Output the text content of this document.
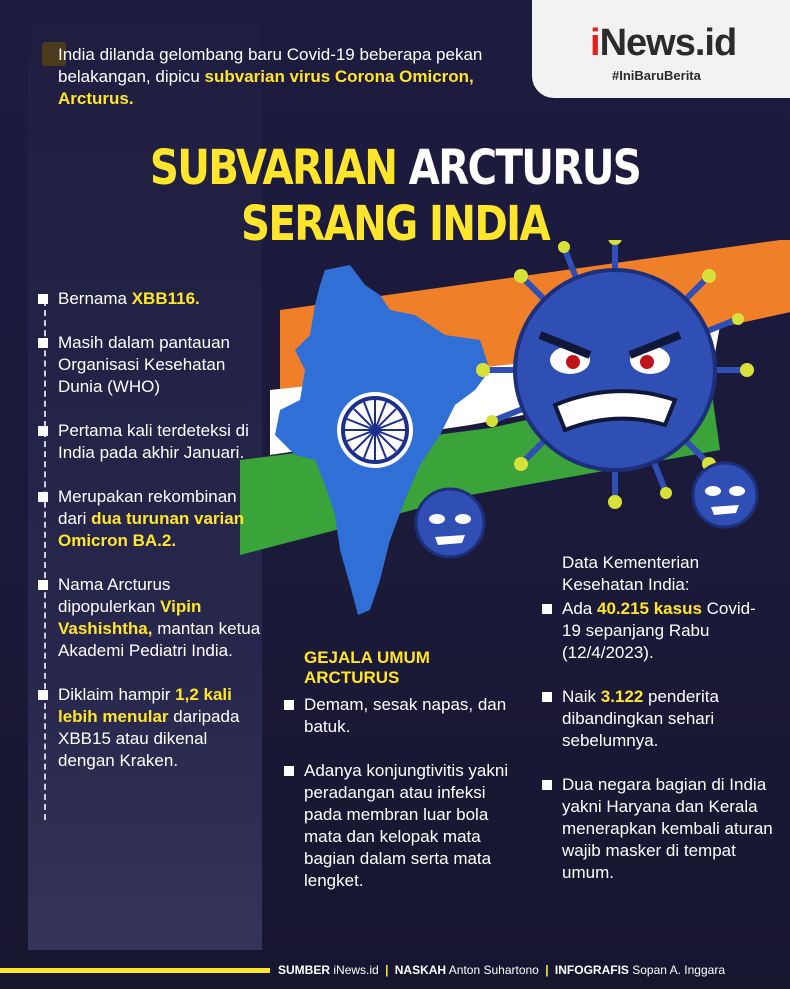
India dilanda gelombang baru Covid-19 beberapa pekan belakangan, dipicu subvarian virus Corona Omicron, Arcturus.

iNews.id
#IniBaruBerita
SUBVARIAN ARCTURUS
SERANG INDIA
Bernama XBB116.
Masih dalam pantauan Organisasi Kesehatan Dunia (WHO)
Pertama kali terdeteksi di India pada akhir Januari.
Merupakan rekombinan dari dua turunan varian Omicron BA.2.
Nama Arcturus dipopulerkan Vipin Vashishtha, mantan ketua Akademi Pediatri India.
Diklaim hampir 1,2 kali lebih menular daripada XBB15 atau dikenal dengan Kraken.
GEJALA UMUM ARCTURUS
Demam, sesak napas, dan batuk.
Adanya konjungtivitis yakni peradangan atau infeksi pada membran luar bola mata dan kelopak mata bagian dalam serta mata lengket.
Data Kementerian Kesehatan India:
Ada 40.215 kasus Covid-19 sepanjang Rabu (12/4/2023).
Naik 3.122 penderita dibandingkan sehari sebelumnya.
Dua negara bagian di India yakni Haryana dan Kerala menerapkan kembali aturan wajib masker di tempat umum.
SUMBER iNews.id | NASKAH Anton Suhartono | INFOGRAFIS Sopan A. Inggara
